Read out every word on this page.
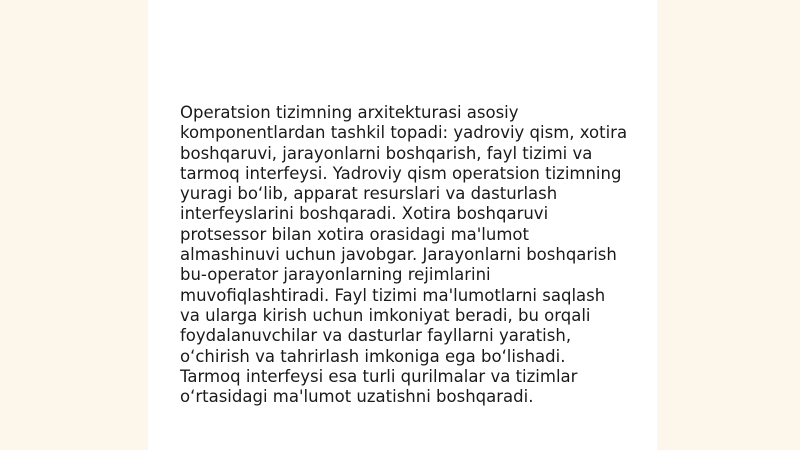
Operatsion tizimning arxitekturasi asosiy
komponentlardan tashkil topadi: yadroviy qism, xotira
boshqaruvi, jarayonlarni boshqarish, fayl tizimi va
tarmoq interfeysi. Yadroviy qism operatsion tizimning
yuragi bo‘lib, apparat resurslari va dasturlash
interfeyslarini boshqaradi. Xotira boshqaruvi
protsessor bilan xotira orasidagi ma'lumot
almashinuvi uchun javobgar. Jarayonlarni boshqarish
bu-operator jarayonlarning rejimlarini
muvofiqlashtiradi. Fayl tizimi ma'lumotlarni saqlash
va ularga kirish uchun imkoniyat beradi, bu orqali
foydalanuvchilar va dasturlar fayllarni yaratish,
o‘chirish va tahrirlash imkoniga ega bo‘lishadi.
Tarmoq interfeysi esa turli qurilmalar va tizimlar
o‘rtasidagi ma'lumot uzatishni boshqaradi.
